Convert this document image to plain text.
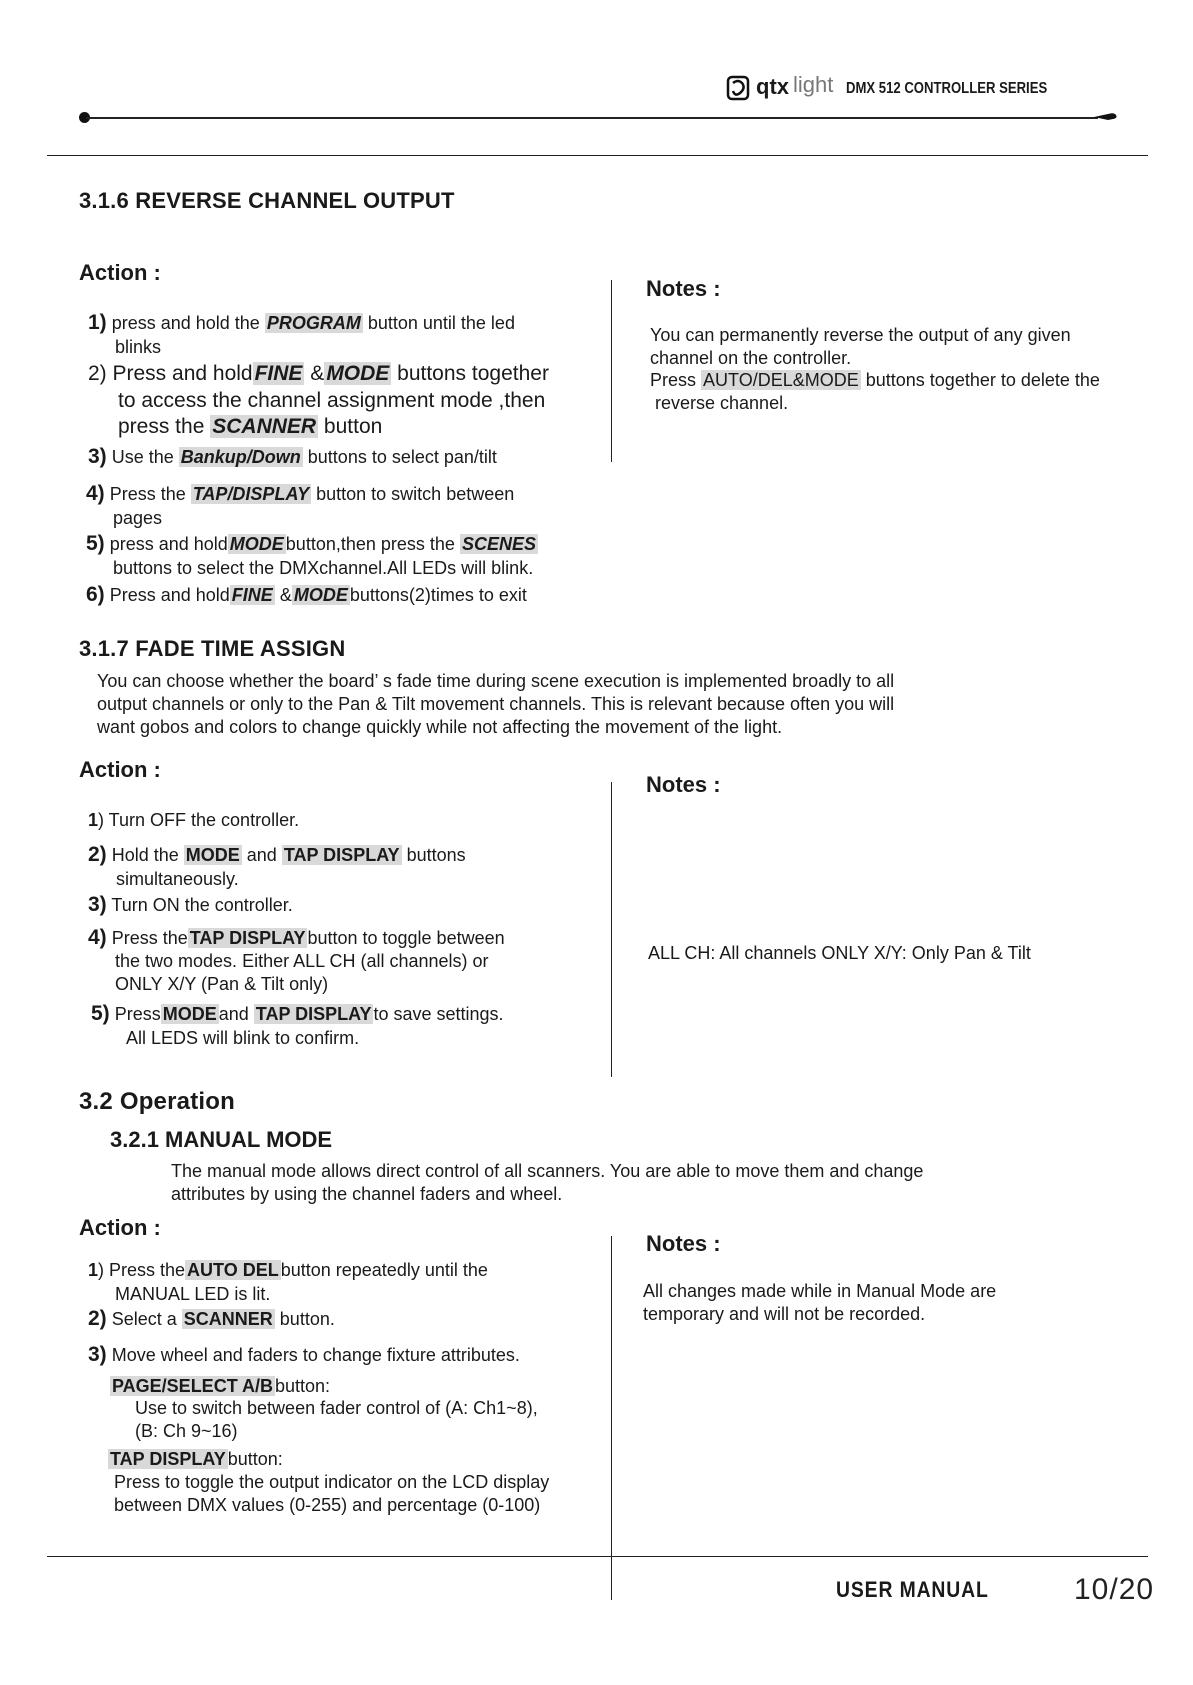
qtx light DMX 512 CONTROLLER SERIES
3.1.6 REVERSE CHANNEL OUTPUT
Action :
Notes :
1) press and hold the PROGRAM button until the led
blinks
2) Press and holdFINE &MODE buttons together
to access the channel assignment mode ,then
press the SCANNER button
3) Use the Bankup/Down buttons to select pan/tilt
4) Press the TAP/DISPLAY button to switch between
pages
5) press and hold MODE button,then press the SCENES
buttons to select the DMXchannel.All LEDs will blink.
6) Press and hold FINE & MODE buttons(2)times to exit
You can permanently reverse the output of any given
channel on the controller.
Press AUTO/DEL&MODE buttons together to delete the
reverse channel.
3.1.7 FADE TIME ASSIGN
You can choose whether the board’ s fade time during scene execution is implemented broadly to all
output channels or only to the Pan & Tilt movement channels. This is relevant because often you will
want gobos and colors to change quickly while not affecting the movement of the light.
Action :
Notes :
1) Turn OFF the controller.
2) Hold the MODE and TAP DISPLAY buttons
simultaneously.
3) Turn ON the controller.
4) Press the TAP DISPLAY button to toggle between
the two modes. Either ALL CH (all channels) or
ONLY X/Y (Pan & Tilt only)
5) Press MODE and TAP DISPLAY to save settings.
All LEDS will blink to confirm.
ALL CH: All channels ONLY X/Y: Only Pan & Tilt
3.2 Operation
3.2.1 MANUAL MODE
The manual mode allows direct control of all scanners. You are able to move them and change
attributes by using the channel faders and wheel.
Action :
Notes :
1) Press the AUTO DEL button repeatedly until the
MANUAL LED is lit.
2) Select a SCANNER button.
3) Move wheel and faders to change fixture attributes.
PAGE/SELECT A/B button:
Use to switch between fader control of (A: Ch1~8),
(B: Ch 9~16)
TAP DISPLAY button:
Press to toggle the output indicator on the LCD display
between DMX values (0-255) and percentage (0-100)
All changes made while in Manual Mode are
temporary and will not be recorded.
USER MANUAL	10/20
